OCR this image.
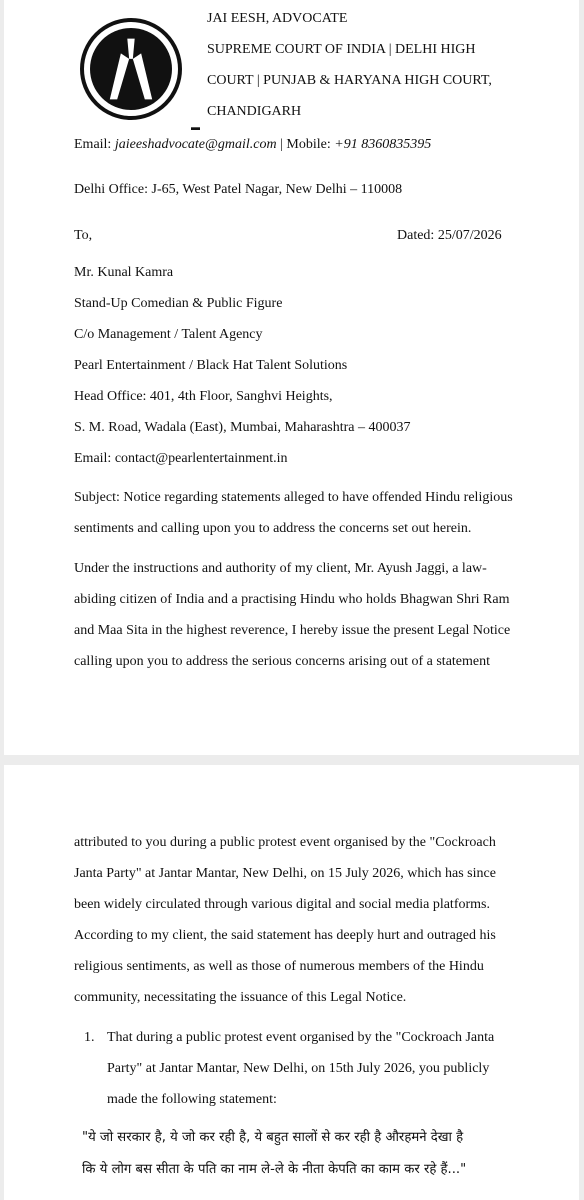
JAI EESH, ADVOCATE
SUPREME COURT OF INDIA | DELHI HIGH
COURT | PUNJAB & HARYANA HIGH COURT,
CHANDIGARH
▬
Email: jaieeshadvocate@gmail.com | Mobile: +91 8360835395
Delhi Office: J-65, West Patel Nagar, New Delhi – 110008
To,	Dated: 25/07/2026
Mr. Kunal Kamra
Stand-Up Comedian & Public Figure
C/o Management / Talent Agency
Pearl Entertainment / Black Hat Talent Solutions
Head Office: 401, 4th Floor, Sanghvi Heights,
S. M. Road, Wadala (East), Mumbai, Maharashtra – 400037
Email: contact@pearlentertainment.in
Subject: Notice regarding statements alleged to have offended Hindu religious
sentiments and calling upon you to address the concerns set out herein.
Under the instructions and authority of my client, Mr. Ayush Jaggi, a law-
abiding citizen of India and a practising Hindu who holds Bhagwan Shri Ram
and Maa Sita in the highest reverence, I hereby issue the present Legal Notice
calling upon you to address the serious concerns arising out of a statement
attributed to you during a public protest event organised by the "Cockroach
Janta Party" at Jantar Mantar, New Delhi, on 15 July 2026, which has since
been widely circulated through various digital and social media platforms.
According to my client, the said statement has deeply hurt and outraged his
religious sentiments, as well as those of numerous members of the Hindu
community, necessitating the issuance of this Legal Notice.
1. That during a public protest event organised by the "Cockroach Janta
Party" at Jantar Mantar, New Delhi, on 15th July 2026, you publicly
made the following statement:
"ये जो सरकार है, ये जो कर रही है, ये बहुत सालों से कर रही है औरहमने देखा है
कि ये लोग बस सीता के पति का नाम ले-ले के नीता केपति का काम कर रहे हैं..."
